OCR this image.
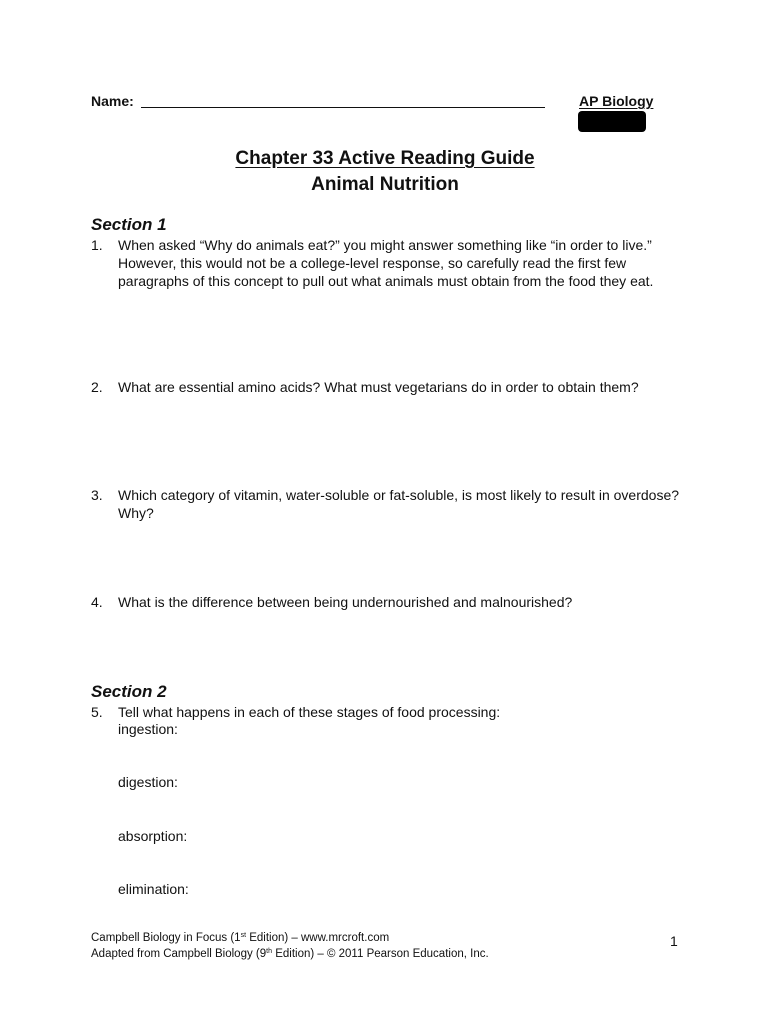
Name:	AP Biology
Chapter 33 Active Reading Guide
Animal Nutrition
Section 1
1. When asked “Why do animals eat?” you might answer something like “in order to live.” However, this would not be a college-level response, so carefully read the first few paragraphs of this concept to pull out what animals must obtain from the food they eat.
2. What are essential amino acids? What must vegetarians do in order to obtain them?
3. Which category of vitamin, water-soluble or fat-soluble, is most likely to result in overdose? Why?
4. What is the difference between being undernourished and malnourished?
Section 2
5. Tell what happens in each of these stages of food processing:
ingestion:
digestion:
absorption:
elimination:
Campbell Biology in Focus (1st Edition) – www.mrcroft.com
Adapted from Campbell Biology (9th Edition) – © 2011 Pearson Education, Inc.
1
